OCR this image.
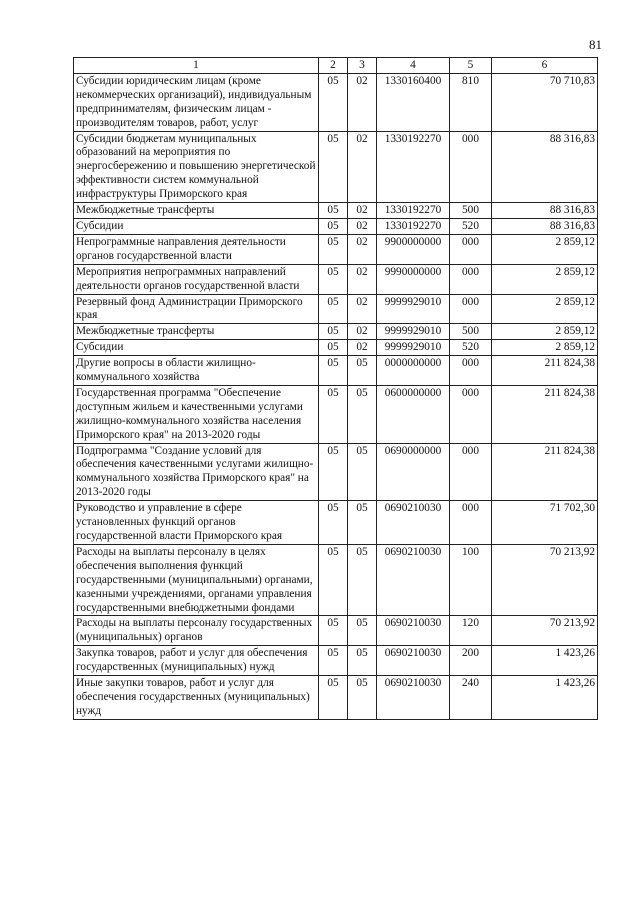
81
1	2	3	4	5	6
Субсидии юридическим лицам (кроме некоммерческих организаций), индивидуальным предпринимателям, физическим лицам - производителям товаров, работ, услуг	05	02	1330160400	810	70 710,83
Субсидии бюджетам муниципальных образований на мероприятия по энергосбережению и повышению энергетической эффективности систем коммунальной инфраструктуры Приморского края	05	02	1330192270	000	88 316,83
Межбюджетные трансферты	05	02	1330192270	500	88 316,83
Субсидии	05	02	1330192270	520	88 316,83
Непрограммные направления деятельности органов государственной власти	05	02	9900000000	000	2 859,12
Мероприятия непрограммных направлений деятельности органов государственной власти	05	02	9990000000	000	2 859,12
Резервный фонд Администрации Приморского края	05	02	9999929010	000	2 859,12
Межбюджетные трансферты	05	02	9999929010	500	2 859,12
Субсидии	05	02	9999929010	520	2 859,12
Другие вопросы в области жилищно-коммунального хозяйства	05	05	0000000000	000	211 824,38
Государственная программа "Обеспечение доступным жильем и качественными услугами жилищно-коммунального хозяйства населения Приморского края" на 2013-2020 годы	05	05	0600000000	000	211 824,38
Подпрограмма "Создание условий для обеспечения качественными услугами жилищно-коммунального хозяйства Приморского края" на 2013-2020 годы	05	05	0690000000	000	211 824,38
Руководство и управление в сфере установленных функций органов государственной власти Приморского края	05	05	0690210030	000	71 702,30
Расходы на выплаты персоналу в целях обеспечения выполнения функций государственными (муниципальными) органами, казенными учреждениями, органами управления государственными внебюджетными фондами	05	05	0690210030	100	70 213,92
Расходы на выплаты персоналу государственных (муниципальных) органов	05	05	0690210030	120	70 213,92
Закупка товаров, работ и услуг для обеспечения государственных (муниципальных) нужд	05	05	0690210030	200	1 423,26
Иные закупки товаров, работ и услуг для обеспечения государственных (муниципальных) нужд	05	05	0690210030	240	1 423,26
